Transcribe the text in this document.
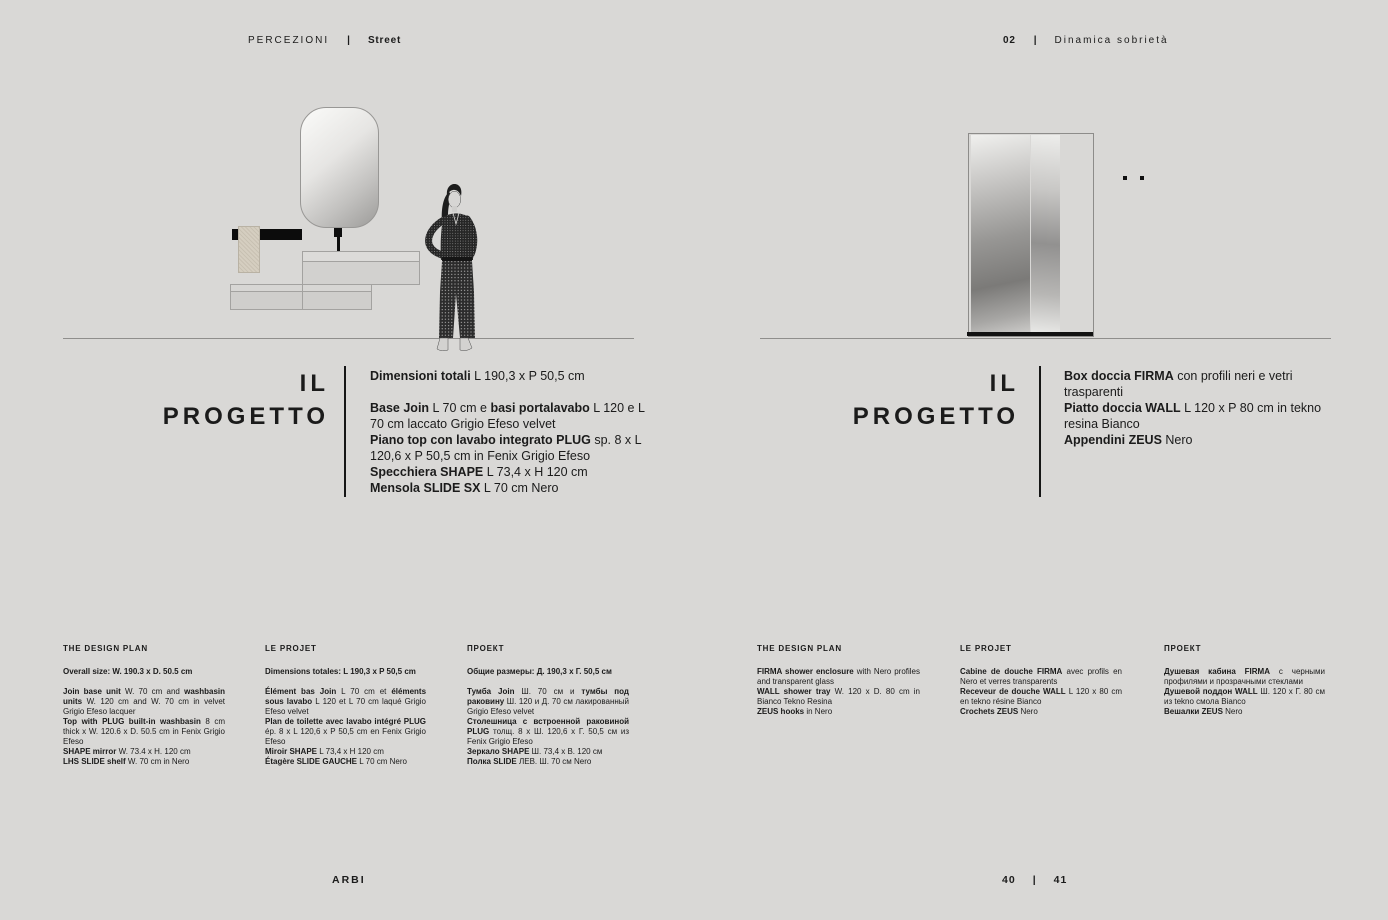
PERCEZIONI | Street	02 | Dinamica sobrietà
IL
PROGETTO
Dimensioni totali L 190,3 x P 50,5 cm
Base Join L 70 cm e basi portalavabo L 120 e L 70 cm laccato Grigio Efeso velvet
Piano top con lavabo integrato PLUG sp. 8 x L 120,6 x P 50,5 cm in Fenix Grigio Efeso
Specchiera SHAPE L 73,4 x H 120 cm
Mensola SLIDE SX L 70 cm Nero
IL
PROGETTO
Box doccia FIRMA con profili neri e vetri trasparenti
Piatto doccia WALL L 120 x P 80 cm in tekno resina Bianco
Appendini ZEUS Nero
THE DESIGN PLAN
Overall size: W. 190.3 x D. 50.5 cm
Join base unit W. 70 cm and washbasin units W. 120 cm and W. 70 cm in velvet Grigio Efeso lacquer
Top with PLUG built-in washbasin 8 cm thick x W. 120.6 x D. 50.5 cm in Fenix Grigio Efeso
SHAPE mirror W. 73.4 x H. 120 cm
LHS SLIDE shelf W. 70 cm in Nero
LE PROJET
Dimensions totales: L 190,3 x P 50,5 cm
Élément bas Join L 70 cm et éléments sous lavabo L 120 et L 70 cm laqué Grigio Efeso velvet
Plan de toilette avec lavabo intégré PLUG ép. 8 x L 120,6 x P 50,5 cm en Fenix Grigio Efeso
Miroir SHAPE L 73,4 x H 120 cm
Étagère SLIDE GAUCHE L 70 cm Nero
ПРОЕКТ
Общие размеры: Д. 190,3 х Г. 50,5 см
Тумба Join Ш. 70 см и тумбы под раковину Ш. 120 и Д. 70 см лакированный Grigio Efeso velvet
Столешница с встроенной раковиной PLUG толщ. 8 х Ш. 120,6 х Г. 50,5 см из Fenix Grigio Efeso
Зеркало SHAPE Ш. 73,4 х В. 120 см
Полка SLIDE ЛЕВ. Ш. 70 см Nero
THE DESIGN PLAN
FIRMA shower enclosure with Nero profiles and transparent glass
WALL shower tray W. 120 x D. 80 cm in Bianco Tekno Resina
ZEUS hooks in Nero
LE PROJET
Cabine de douche FIRMA avec profils en Nero et verres transparents
Receveur de douche WALL L 120 x 80 cm en tekno résine Bianco
Crochets ZEUS Nero
ПРОЕКТ
Душевая кабина FIRMA с черными профилями и прозрачными стеклами
Душевой поддон WALL Ш. 120 х Г. 80 см из tekno смола Bianco
Вешалки ZEUS Nero
ARBI	40 | 41
